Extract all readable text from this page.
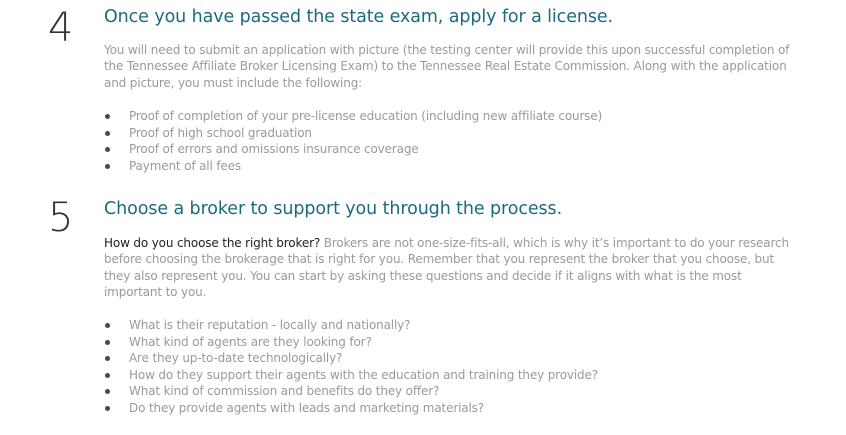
4 Once you have passed the state exam, apply for a license.

You will need to submit an application with picture (the testing center will provide this upon successful completion of the Tennessee Affiliate Broker Licensing Exam) to the Tennessee Real Estate Commission. Along with the application and picture, you must include the following:

Proof of completion of your pre-license education (including new affiliate course)
Proof of high school graduation
Proof of errors and omissions insurance coverage
Payment of all fees
5 Choose a broker to support you through the process.

How do you choose the right broker? Brokers are not one-size-fits-all, which is why it’s important to do your research before choosing the brokerage that is right for you. Remember that you represent the broker that you choose, but they also represent you. You can start by asking these questions and decide if it aligns with what is the most important to you.

What is their reputation - locally and nationally?
What kind of agents are they looking for?
Are they up-to-date technologically?
How do they support their agents with the education and training they provide?
What kind of commission and benefits do they offer?
Do they provide agents with leads and marketing materials?
